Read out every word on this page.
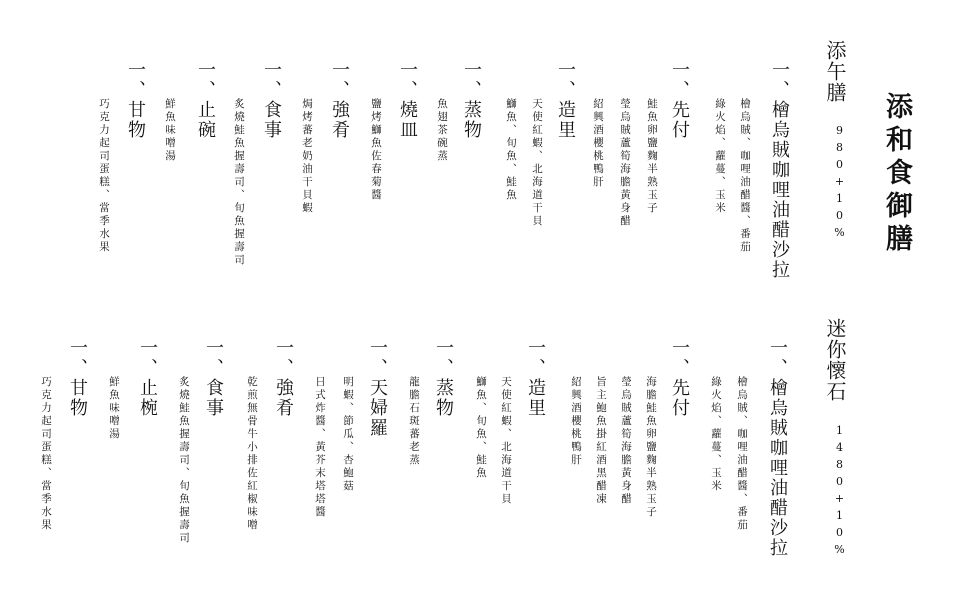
添和食御膳
添午膳
980+10%
一、檜烏賊咖哩油醋沙拉
檜烏賊、咖哩油醋醬、番茄
綠火焰、蘿蔓、玉米
一、先付
鮭魚卵鹽麴半熟玉子
瑩烏賊蘆筍海膽黃身醋
紹興酒櫻桃鴨肝
一、造里
天使紅蝦、北海道干貝
鰤魚、旬魚、鮭魚
一、蒸物
魚翅茶碗蒸
一、燒皿
鹽烤鰤魚佐春菊醬
一、強肴
焗烤蕃老奶油干貝蝦
一、食事
炙燒鮭魚握壽司、旬魚握壽司
一、止碗
鮮魚味噌湯
一、甘物
巧克力起司蛋糕、當季水果
迷你懷石
1480+10%
一、檜烏賊咖哩油醋沙拉
檜烏賊、咖哩油醋醬、番茄
綠火焰、蘿蔓、玉米
一、先付
海膽鮭魚卵鹽麴半熟玉子
瑩烏賊蘆筍海膽黃身醋
旨主鮑魚掛紅酒黑醋凍
紹興酒櫻桃鴨肝
一、造里
天使紅蝦、北海道干貝
鰤魚、旬魚、鮭魚
一、蒸物
龍膽石斑蕃老蒸
一、天婦羅
明蝦、節瓜、杏鮑菇
日式炸醬、黃芥末塔塔醬
一、強肴
乾煎無骨牛小排佐紅椒味噌
一、食事
炙燒鮭魚握壽司、旬魚握壽司
一、止椀
鮮魚味噌湯
一、甘物
巧克力起司蛋糕、當季水果
